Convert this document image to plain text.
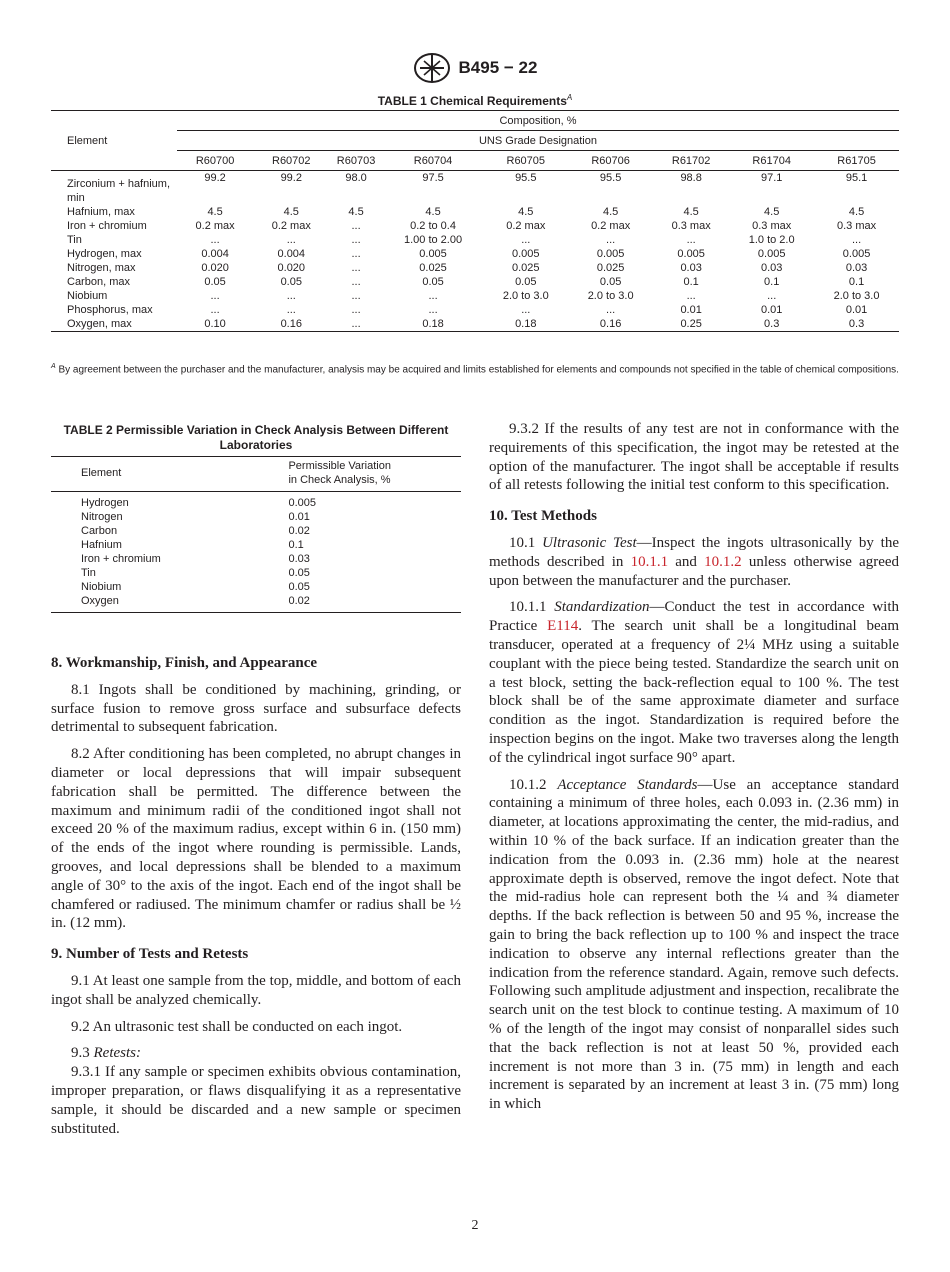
B495 − 22
TABLE 1 Chemical Requirements$^A$
Element	Composition, %								
	UNS Grade Designation								
	R60700	R60702	R60703	R60704	R60705	R60706	R61702	R61704	R61705
Zirconium + hafnium, min	99.2	99.2	98.0	97.5	95.5	95.5	98.8	97.1	95.1
Hafnium, max	4.5	4.5	4.5	4.5	4.5	4.5	4.5	4.5	4.5
Iron + chromium	0.2 max	0.2 max	...	0.2 to 0.4	0.2 max	0.2 max	0.3 max	0.3 max	0.3 max
Tin	...	...	...	1.00 to 2.00	...	...	...	1.0 to 2.0	...
Hydrogen, max	0.004	0.004	...	0.005	0.005	0.005	0.005	0.005	0.005
Nitrogen, max	0.020	0.020	...	0.025	0.025	0.025	0.03	0.03	0.03
Carbon, max	0.05	0.05	...	0.05	0.05	0.05	0.1	0.1	0.1
Niobium	...	...	...	...	2.0 to 3.0	2.0 to 3.0	...	...	2.0 to 3.0
Phosphorus, max	...	...	...	...	...	...	0.01	0.01	0.01
Oxygen, max	0.10	0.16	...	0.18	0.18	0.16	0.25	0.3	0.3
$^A$ By agreement between the purchaser and the manufacturer, analysis may be acquired and limits established for elements and compounds not specified in the table of chemical compositions.
TABLE 2 Permissible Variation in Check Analysis Between Different Laboratories
Element	Permissible Variation in Check Analysis, %
Hydrogen	0.005
Nitrogen	0.01
Carbon	0.02
Hafnium	0.1
Iron + chromium	0.03
Tin	0.05
Niobium	0.05
Oxygen	0.02
8. Workmanship, Finish, and Appearance

8.1 Ingots shall be conditioned by machining, grinding, or surface fusion to remove gross surface and subsurface defects detrimental to subsequent fabrication.

8.2 After conditioning has been completed, no abrupt changes in diameter or local depressions that will impair subsequent fabrication shall be permitted. The difference between the maximum and minimum radii of the conditioned ingot shall not exceed 20 % of the maximum radius, except within 6 in. (150 mm) of the ends of the ingot where rounding is permissible. Lands, grooves, and local depressions shall be blended to a maximum angle of 30° to the axis of the ingot. Each end of the ingot shall be chamfered or radiused. The minimum chamfer or radius shall be ½ in. (12 mm).

9. Number of Tests and Retests

9.1 At least one sample from the top, middle, and bottom of each ingot shall be analyzed chemically.

9.2 An ultrasonic test shall be conducted on each ingot.

9.3 Retests:

9.3.1 If any sample or specimen exhibits obvious contamination, improper preparation, or flaws disqualifying it as a representative sample, it should be discarded and a new sample or specimen substituted.

9.3.2 If the results of any test are not in conformance with the requirements of this specification, the ingot may be retested at the option of the manufacturer. The ingot shall be acceptable if results of all retests following the initial test conform to this specification.

10. Test Methods

10.1 Ultrasonic Test—Inspect the ingots ultrasonically by the methods described in 10.1.1 and 10.1.2 unless otherwise agreed upon between the manufacturer and the purchaser.

10.1.1 Standardization—Conduct the test in accordance with Practice E114. The search unit shall be a longitudinal beam transducer, operated at a frequency of 2¼ MHz using a suitable couplant with the piece being tested. Standardize the search unit on a test block, setting the back-reflection equal to 100 %. The test block shall be of the same approximate diameter and surface condition as the ingot. Standardization is required before the inspection begins on the ingot. Make two traverses along the length of the cylindrical ingot surface 90° apart.

10.1.2 Acceptance Standards—Use an acceptance standard containing a minimum of three holes, each 0.093 in. (2.36 mm) in diameter, at locations approximating the center, the mid-radius, and within 10 % of the back surface. If an indication greater than the indication from the 0.093 in. (2.36 mm) hole at the nearest approximate depth is observed, remove the ingot defect. Note that the mid-radius hole can represent both the ¼ and ¾ diameter depths. If the back reflection is between 50 and 95 %, increase the gain to bring the back reflection up to 100 % and inspect the trace indication to observe any internal reflections greater than the indication from the reference standard. Again, remove such defects. Following such amplitude adjustment and inspection, recalibrate the search unit on the test block to continue testing. A maximum of 10 % of the length of the ingot may consist of nonparallel sides such that the back reflection is not at least 50 %, provided each increment is not more than 3 in. (75 mm) in length and each increment is separated by an increment at least 3 in. (75 mm) long in which

2
